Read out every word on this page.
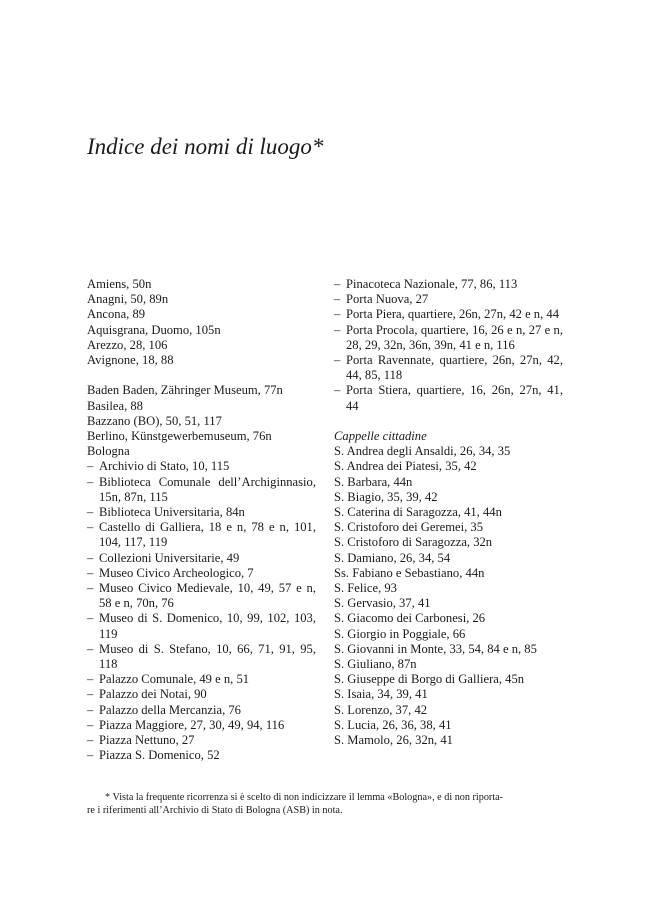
Indice dei nomi di luogo*
Amiens, 50n
Anagni, 50, 89n
Ancona, 89
Aquisgrana, Duomo, 105n
Arezzo, 28, 106
Avignone, 18, 88
Baden Baden, Zähringer Museum, 77n
Basilea, 88
Bazzano (BO), 50, 51, 117
Berlino, Künstgewerbemuseum, 76n
Bologna
– Archivio di Stato, 10, 115
– Biblioteca Comunale dell’Archiginnasio, 15n, 87n, 115
– Biblioteca Universitaria, 84n
– Castello di Galliera, 18 e n, 78 e n, 101, 104, 117, 119
– Collezioni Universitarie, 49
– Museo Civico Archeologico, 7
– Museo Civico Medievale, 10, 49, 57 e n, 58 e n, 70n, 76
– Museo di S. Domenico, 10, 99, 102, 103, 119
– Museo di S. Stefano, 10, 66, 71, 91, 95, 118
– Palazzo Comunale, 49 e n, 51
– Palazzo dei Notai, 90
– Palazzo della Mercanzia, 76
– Piazza Maggiore, 27, 30, 49, 94, 116
– Piazza Nettuno, 27
– Piazza S. Domenico, 52
– Pinacoteca Nazionale, 77, 86, 113
– Porta Nuova, 27
– Porta Piera, quartiere, 26n, 27n, 42 e n, 44
– Porta Procola, quartiere, 16, 26 e n, 27 e n, 28, 29, 32n, 36n, 39n, 41 e n, 116
– Porta Ravennate, quartiere, 26n, 27n, 42, 44, 85, 118
– Porta Stiera, quartiere, 16, 26n, 27n, 41, 44
Cappelle cittadine
S. Andrea degli Ansaldi, 26, 34, 35
S. Andrea dei Piatesi, 35, 42
S. Barbara, 44n
S. Biagio, 35, 39, 42
S. Caterina di Saragozza, 41, 44n
S. Cristoforo dei Geremei, 35
S. Cristoforo di Saragozza, 32n
S. Damiano, 26, 34, 54
Ss. Fabiano e Sebastiano, 44n
S. Felice, 93
S. Gervasio, 37, 41
S. Giacomo dei Carbonesi, 26
S. Giorgio in Poggiale, 66
S. Giovanni in Monte, 33, 54, 84 e n, 85
S. Giuliano, 87n
S. Giuseppe di Borgo di Galliera, 45n
S. Isaia, 34, 39, 41
S. Lorenzo, 37, 42
S. Lucia, 26, 36, 38, 41
S. Mamolo, 26, 32n, 41
* Vista la frequente ricorrenza si è scelto di non indicizzare il lemma «Bologna», e di non riporta-
re i riferimenti all’Archivio di Stato di Bologna (ASB) in nota.
